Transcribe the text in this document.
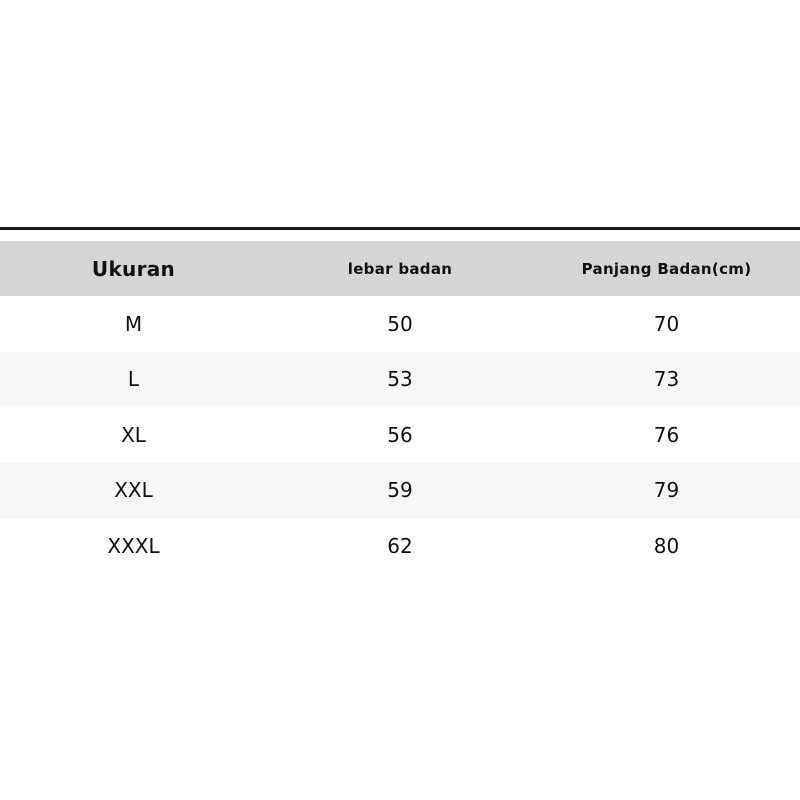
Ukuran	lebar badan	Panjang Badan(cm)
M	50	70
L	53	73
XL	56	76
XXL	59	79
XXXL	62	80
